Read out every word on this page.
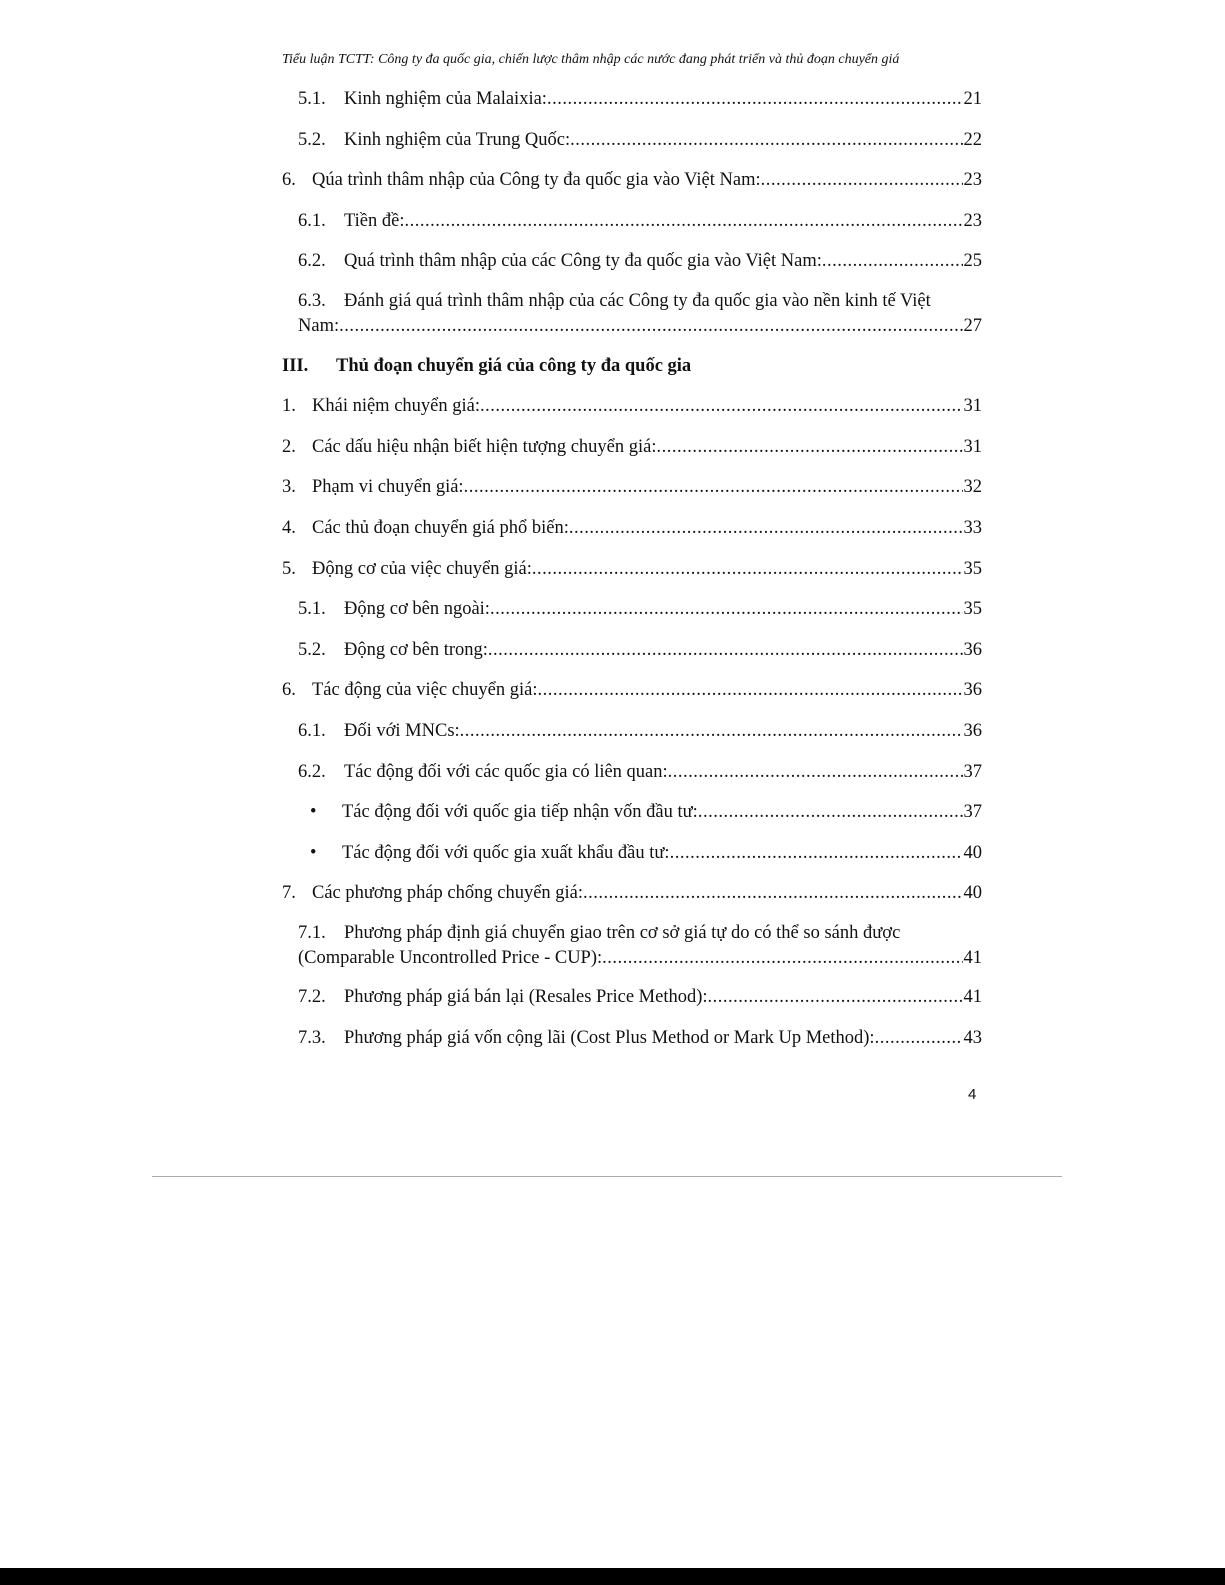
Tiểu luận TCTT: Công ty đa quốc gia, chiến lược thâm nhập các nước đang phát triển và thủ đoạn chuyển giá
5.1. Kinh nghiệm của Malaixia: .....	21
5.2. Kinh nghiệm của Trung Quốc: .....	22
6. Qúa trình thâm nhập của Công ty đa quốc gia vào Việt Nam: .....	23
6.1. Tiền đề: .....	23
6.2. Quá trình thâm nhập của các Công ty đa quốc gia vào Việt Nam: .....	25
6.3. Đánh giá quá trình thâm nhập của các Công ty đa quốc gia vào nền kinh tế Việt
Nam: .....	27
III.	Thủ đoạn chuyển giá của công ty đa quốc gia
1. Khái niệm chuyển giá: .....	31
2. Các dấu hiệu nhận biết hiện tượng chuyển giá: .....	31
3. Phạm vi chuyển giá: .....	32
4. Các thủ đoạn chuyển giá phổ biến: .....	33
5. Động cơ của việc chuyển giá: .....	35
5.1. Động cơ bên ngoài: .....	35
5.2. Động cơ bên trong: .....	36
6. Tác động của việc chuyển giá: .....	36
6.1. Đối với MNCs: .....	36
6.2. Tác động đối với các quốc gia có liên quan: .....	37
•	Tác động đối với quốc gia tiếp nhận vốn đầu tư: .....	37
•	Tác động đối với quốc gia xuất khẩu đầu tư: .....	40
7. Các phương pháp chống chuyển giá: .....	40
7.1. Phương pháp định giá chuyển giao trên cơ sở giá tự do có thể so sánh được
(Comparable Uncontrolled Price - CUP): .....	41
7.2. Phương pháp giá bán lại (Resales Price Method): .....	41
7.3. Phương pháp giá vốn cộng lãi (Cost Plus Method or Mark Up Method): .....	43
4
